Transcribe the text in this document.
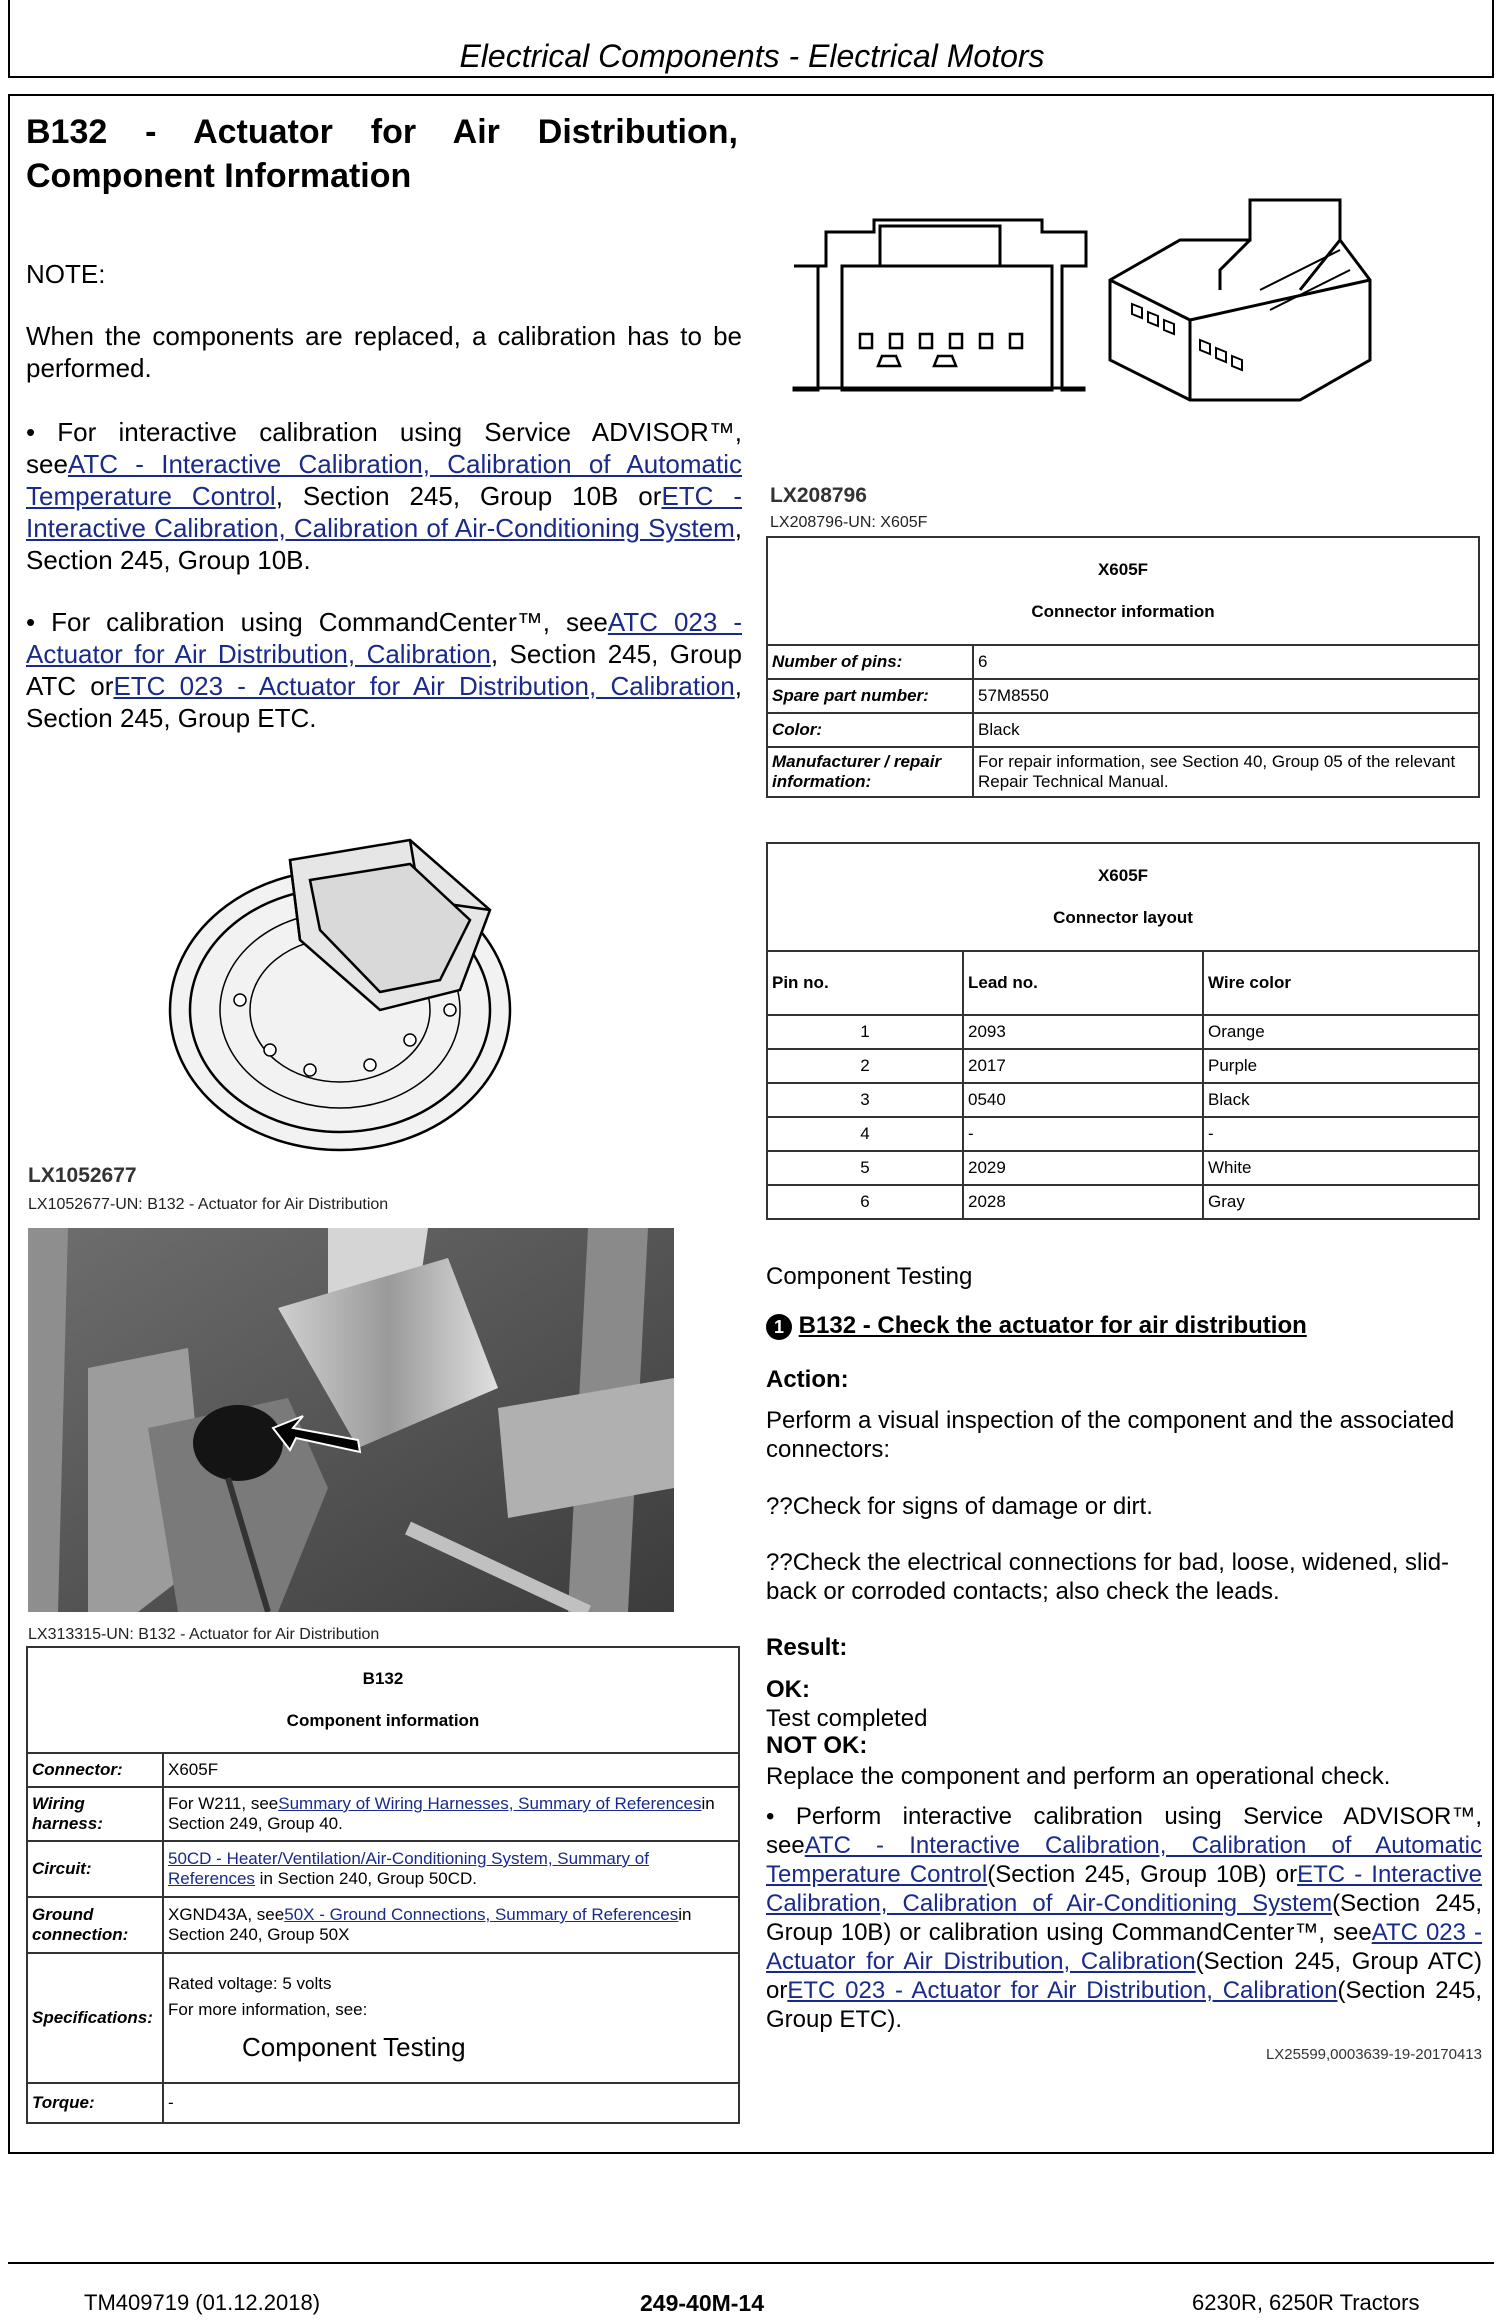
Electrical Components - Electrical Motors
B132 - Actuator for Air Distribution,
Component Information
NOTE:
When the components are replaced, a calibration has to be performed.
• For interactive calibration using Service ADVISOR™, seeATC - Interactive Calibration, Calibration of Automatic Temperature Control, Section 245, Group 10B orETC - Interactive Calibration, Calibration of Air-Conditioning System, Section 245, Group 10B.
• For calibration using CommandCenter™, seeATC 023 - Actuator for Air Distribution, Calibration, Section 245, Group ATC orETC 023 - Actuator for Air Distribution, Calibration, Section 245, Group ETC.
LX208796
LX208796-UN: X605F
X605F
Connector information	

Number of pins:	6
Spare part number:	57M8550
Color:	Black
Manufacturer / repair information:	For repair information, see Section 40, Group 05 of the relevant Repair Technical Manual.
LX1052677
LX1052677-UN: B132 - Actuator for Air Distribution
LX313315-UN: B132 - Actuator for Air Distribution
B132
Component information	

Connector:	X605F
Wiring harness:	For W211, seeSummary of Wiring Harnesses, Summary of Referencesin Section 249, Group 40.
Circuit:	50CD - Heater/Ventilation/Air-Conditioning System, Summary of References in Section 240, Group 50CD.
Ground connection:	XGND43A, see50X - Ground Connections, Summary of Referencesin Section 240, Group 50X
Specifications:	Rated voltage: 5 volts
For more information, see:
Component Testing

Torque:	-
X605F
Connector layout		

Pin no.	Lead no.	Wire color
1	2093	Orange
2	2017	Purple
3	0540	Black
4	-	-
5	2029	White
6	2028	Gray
Component Testing
1 B132 - Check the actuator for air distribution
Action:
Perform a visual inspection of the component and the associated connectors:
??Check for signs of damage or dirt.
??Check the electrical connections for bad, loose, widened, slid-back or corroded contacts; also check the leads.
Result:
OK:
Test completed
NOT OK:
Replace the component and perform an operational check.
• Perform interactive calibration using Service ADVISOR™, seeATC - Interactive Calibration, Calibration of Automatic Temperature Control(Section 245, Group 10B) orETC - Interactive Calibration, Calibration of Air-Conditioning System(Section 245, Group 10B) or calibration using CommandCenter™, seeATC 023 - Actuator for Air Distribution, Calibration(Section 245, Group ATC) orETC 023 - Actuator for Air Distribution, Calibration(Section 245, Group ETC).
LX25599,0003639-19-20170413
TM409719 (01.12.2018)	249-40M-14	6230R, 6250R Tractors
